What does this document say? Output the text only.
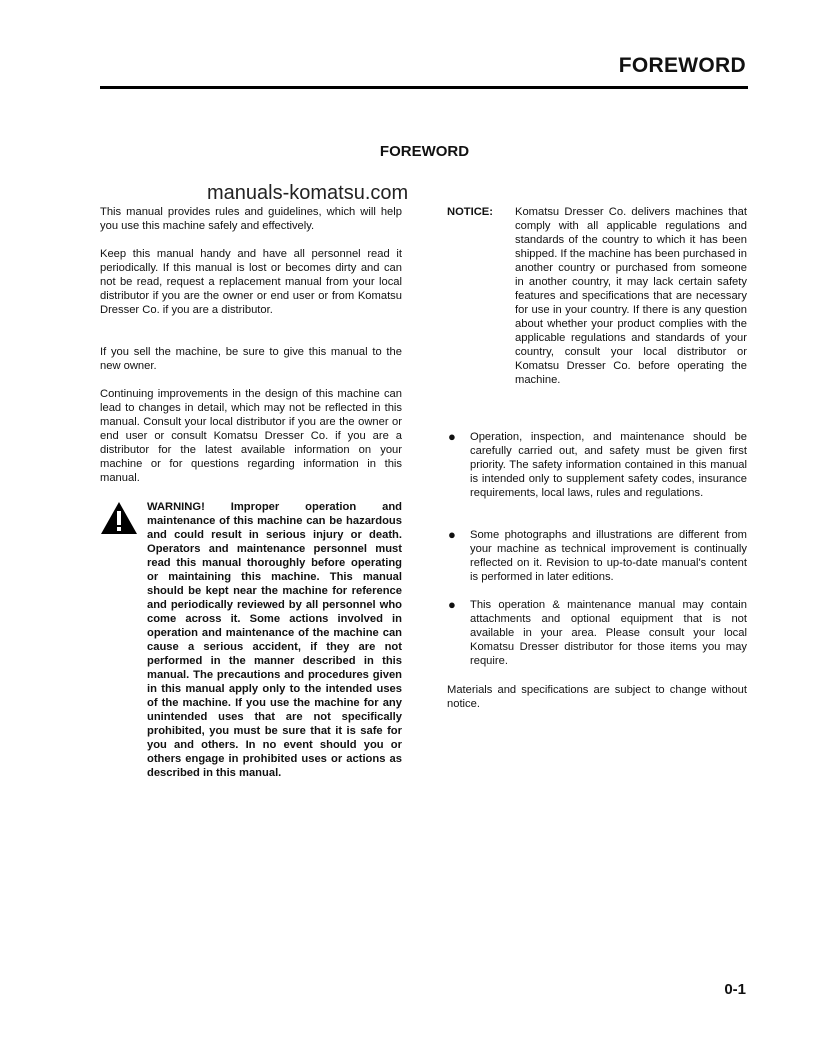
FOREWORD
FOREWORD
manuals-komatsu.com

This manual provides rules and guidelines, which will help you use this machine safely and effectively.

Keep this manual handy and have all personnel read it periodically. If this manual is lost or becomes dirty and can not be read, request a replacement manual from your local distributor if you are the owner or end user or from Komatsu Dresser Co. if you are a distributor.

If you sell the machine, be sure to give this manual to the new owner.

Continuing improvements in the design of this machine can lead to changes in detail, which may not be reflected in this manual. Consult your local distributor if you are the owner or end user or consult Komatsu Dresser Co. if you are a distributor for the latest available information on your machine or for questions regarding information in this manual.

WARNING! Improper operation and maintenance of this machine can be hazardous and could result in serious injury or death. Operators and maintenance personnel must read this manual thoroughly before operating or maintaining this machine. This manual should be kept near the machine for reference and periodically reviewed by all personnel who come across it. Some actions involved in operation and maintenance of the machine can cause a serious accident, if they are not performed in the manner described in this manual. The precautions and procedures given in this manual apply only to the intended uses of the machine. If you use the machine for any unintended uses that are not specifically prohibited, you must be sure that it is safe for you and others. In no event should you or others engage in prohibited uses or actions as described in this manual.

NOTICE: Komatsu Dresser Co. delivers machines that comply with all applicable regulations and standards of the country to which it has been shipped. If the machine has been purchased in another country or purchased from someone in another country, it may lack certain safety features and specifications that are necessary for use in your country. If there is any question about whether your product complies with the applicable regulations and standards of your country, consult your local distributor or Komatsu Dresser Co. before operating the machine.

● Operation, inspection, and maintenance should be carefully carried out, and safety must be given first priority. The safety information contained in this manual is intended only to supplement safety codes, insurance requirements, local laws, rules and regulations.

● Some photographs and illustrations are different from your machine as technical improvement is continually reflected on it. Revision to up-to-date manual's content is performed in later editions.

● This operation & maintenance manual may contain attachments and optional equipment that is not available in your area. Please consult your local Komatsu Dresser distributor for those items you may require.

Materials and specifications are subject to change without notice.

0-1
